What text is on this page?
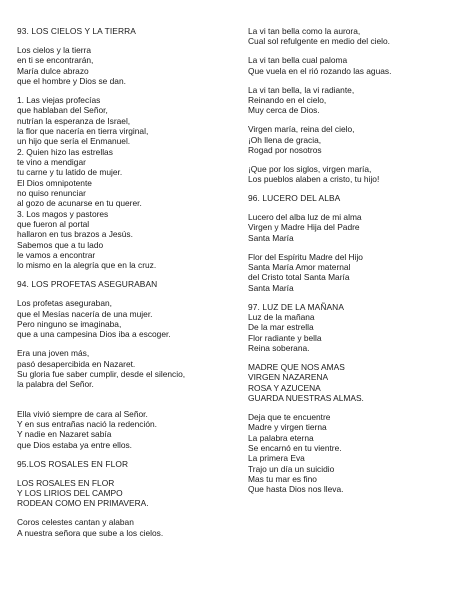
93. LOS CIELOS Y LA TIERRA
Los cielos y la tierra
en ti se encontrarán,
María dulce abrazo
que el hombre y Dios se dan.
1. Las viejas profecías
que hablaban del Señor,
nutrían la esperanza de Israel,
la flor que nacería en tierra virginal,
un hijo que sería el Enmanuel.
2. Quien hizo las estrellas
te vino a mendigar
tu carne y tu latido de mujer.
El Dios omnipotente
no quiso renunciar
al gozo de acunarse en tu querer.
3. Los magos y pastores
que fueron al portal
hallaron en tus brazos a Jesús.
Sabemos que a tu lado
le vamos a encontrar
lo mismo en la alegría que en la cruz.
94. LOS PROFETAS ASEGURABAN
Los profetas aseguraban,
que el Mesías nacería de una mujer.
Pero ninguno se imaginaba,
que a una campesina Dios iba a escoger.
Era una joven más,
pasó desapercibida en Nazaret.
Su gloria fue saber cumplir, desde el silencio,
la palabra del Señor.
Ella vivió siempre de cara al Señor.
Y en sus entrañas nació la redención.
Y nadie en Nazaret sabía
que Dios estaba ya entre ellos.
95.LOS ROSALES EN FLOR
LOS ROSALES EN FLOR
Y LOS LIRIOS DEL CAMPO
RODEAN COMO EN PRIMAVERA.
Coros celestes cantan y alaban
A nuestra señora que sube a los cielos.
La vi tan bella como la aurora,
Cual sol refulgente en medio del cielo.
La vi tan bella cual paloma
Que vuela en el rió rozando las aguas.
La vi tan bella, la vi radiante,
Reinando en el cielo,
Muy cerca de Dios.
Virgen maría, reina del cielo,
¡Oh llena de gracia,
Rogad por nosotros
¡Que por los siglos, virgen maría,
Los pueblos alaben a cristo, tu hijo!
96. LUCERO DEL ALBA
Lucero del alba luz de mi alma
Virgen y Madre Hija del Padre
Santa María
Flor del Espíritu Madre del Hijo
Santa María Amor maternal
del Cristo total Santa María
Santa María
97. LUZ DE LA MAÑANA
Luz de la mañana
De la mar estrella
Flor radiante y bella
Reina soberana.
MADRE QUE NOS AMAS
VIRGEN NAZARENA
ROSA Y AZUCENA
GUARDA NUESTRAS ALMAS.
Deja que te encuentre
Madre y virgen tierna
La palabra eterna
Se encarnó en tu vientre.
La primera Eva
Trajo un día un suicidio
Mas tu mar es fino
Que hasta Dios nos lleva.
